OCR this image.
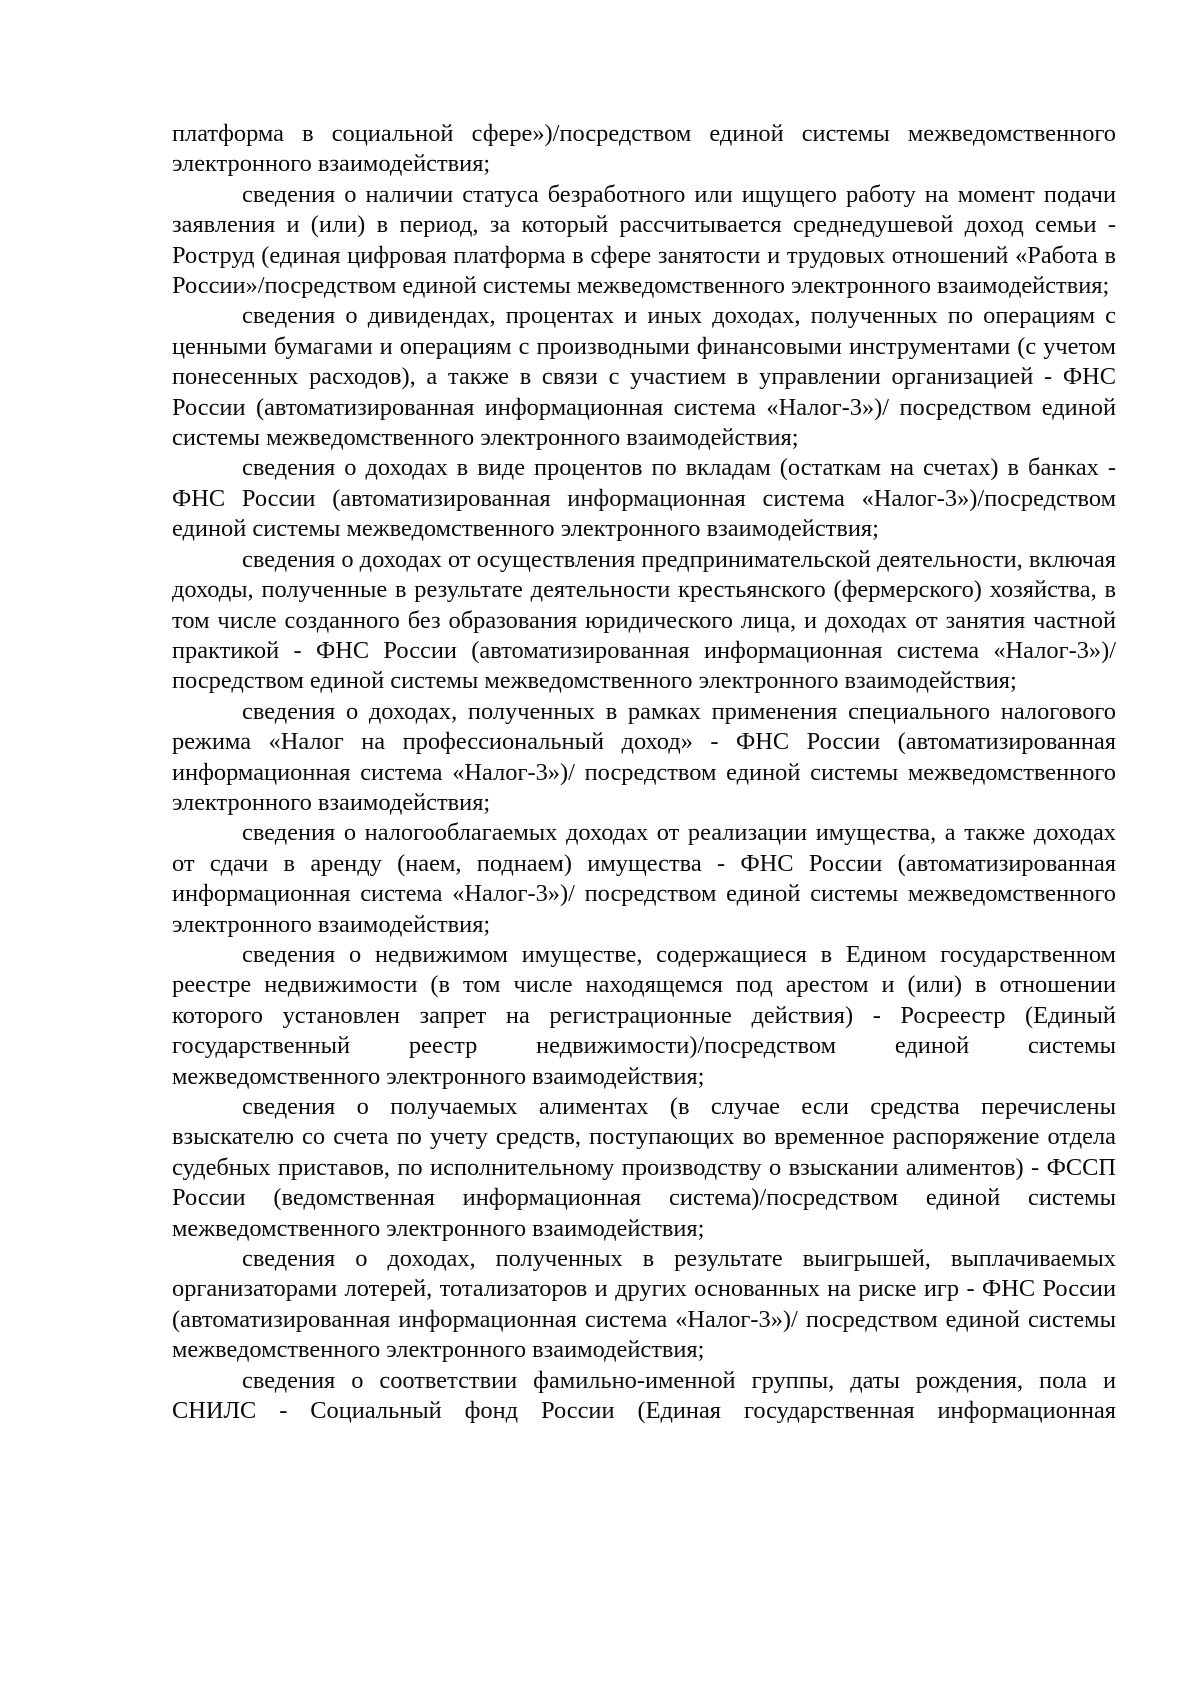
платформа в социальной сфере»)/посредством единой системы межведомственного электронного взаимодействия;

сведения о наличии статуса безработного или ищущего работу на момент подачи заявления и (или) в период, за который рассчитывается среднедушевой доход семьи - Роструд (единая цифровая платформа в сфере занятости и трудовых отношений «Работа в России»/посредством единой системы межведомственного электронного взаимодействия;

сведения о дивидендах, процентах и иных доходах, полученных по операциям с ценными бумагами и операциям с производными финансовыми инструментами (с учетом понесенных расходов), а также в связи с участием в управлении организацией - ФНС России (автоматизированная информационная система «Налог-3»)/ посредством единой системы межведомственного электронного взаимодействия;

сведения о доходах в виде процентов по вкладам (остаткам на счетах) в банках - ФНС России (автоматизированная информационная система «Налог-3»)/посредством единой системы межведомственного электронного взаимодействия;

сведения о доходах от осуществления предпринимательской деятельности, включая доходы, полученные в результате деятельности крестьянского (фермерского) хозяйства, в том числе созданного без образования юридического лица, и доходах от занятия частной практикой - ФНС России (автоматизированная информационная система «Налог-3»)/ посредством единой системы межведомственного электронного взаимодействия;

сведения о доходах, полученных в рамках применения специального налогового режима «Налог на профессиональный доход» - ФНС России (автоматизированная информационная система «Налог-3»)/ посредством единой системы межведомственного электронного взаимодействия;

сведения о налогооблагаемых доходах от реализации имущества, а также доходах от сдачи в аренду (наем, поднаем) имущества - ФНС России (автоматизированная информационная система «Налог-3»)/ посредством единой системы межведомственного электронного взаимодействия;

сведения о недвижимом имуществе, содержащиеся в Едином государственном реестре недвижимости (в том числе находящемся под арестом и (или) в отношении которого установлен запрет на регистрационные действия) - Росреестр (Единый государственный реестр недвижимости)/посредством единой системы межведомственного электронного взаимодействия;

сведения о получаемых алиментах (в случае если средства перечислены взыскателю со счета по учету средств, поступающих во временное распоряжение отдела судебных приставов, по исполнительному производству о взыскании алиментов) - ФССП России (ведомственная информационная система)/посредством единой системы межведомственного электронного взаимодействия;

сведения о доходах, полученных в результате выигрышей, выплачиваемых организаторами лотерей, тотализаторов и других основанных на риске игр - ФНС России (автоматизированная информационная система «Налог-3»)/ посредством единой системы межведомственного электронного взаимодействия;

сведения о соответствии фамильно-именной группы, даты рождения, пола и СНИЛС - Социальный фонд России (Единая государственная информационная
